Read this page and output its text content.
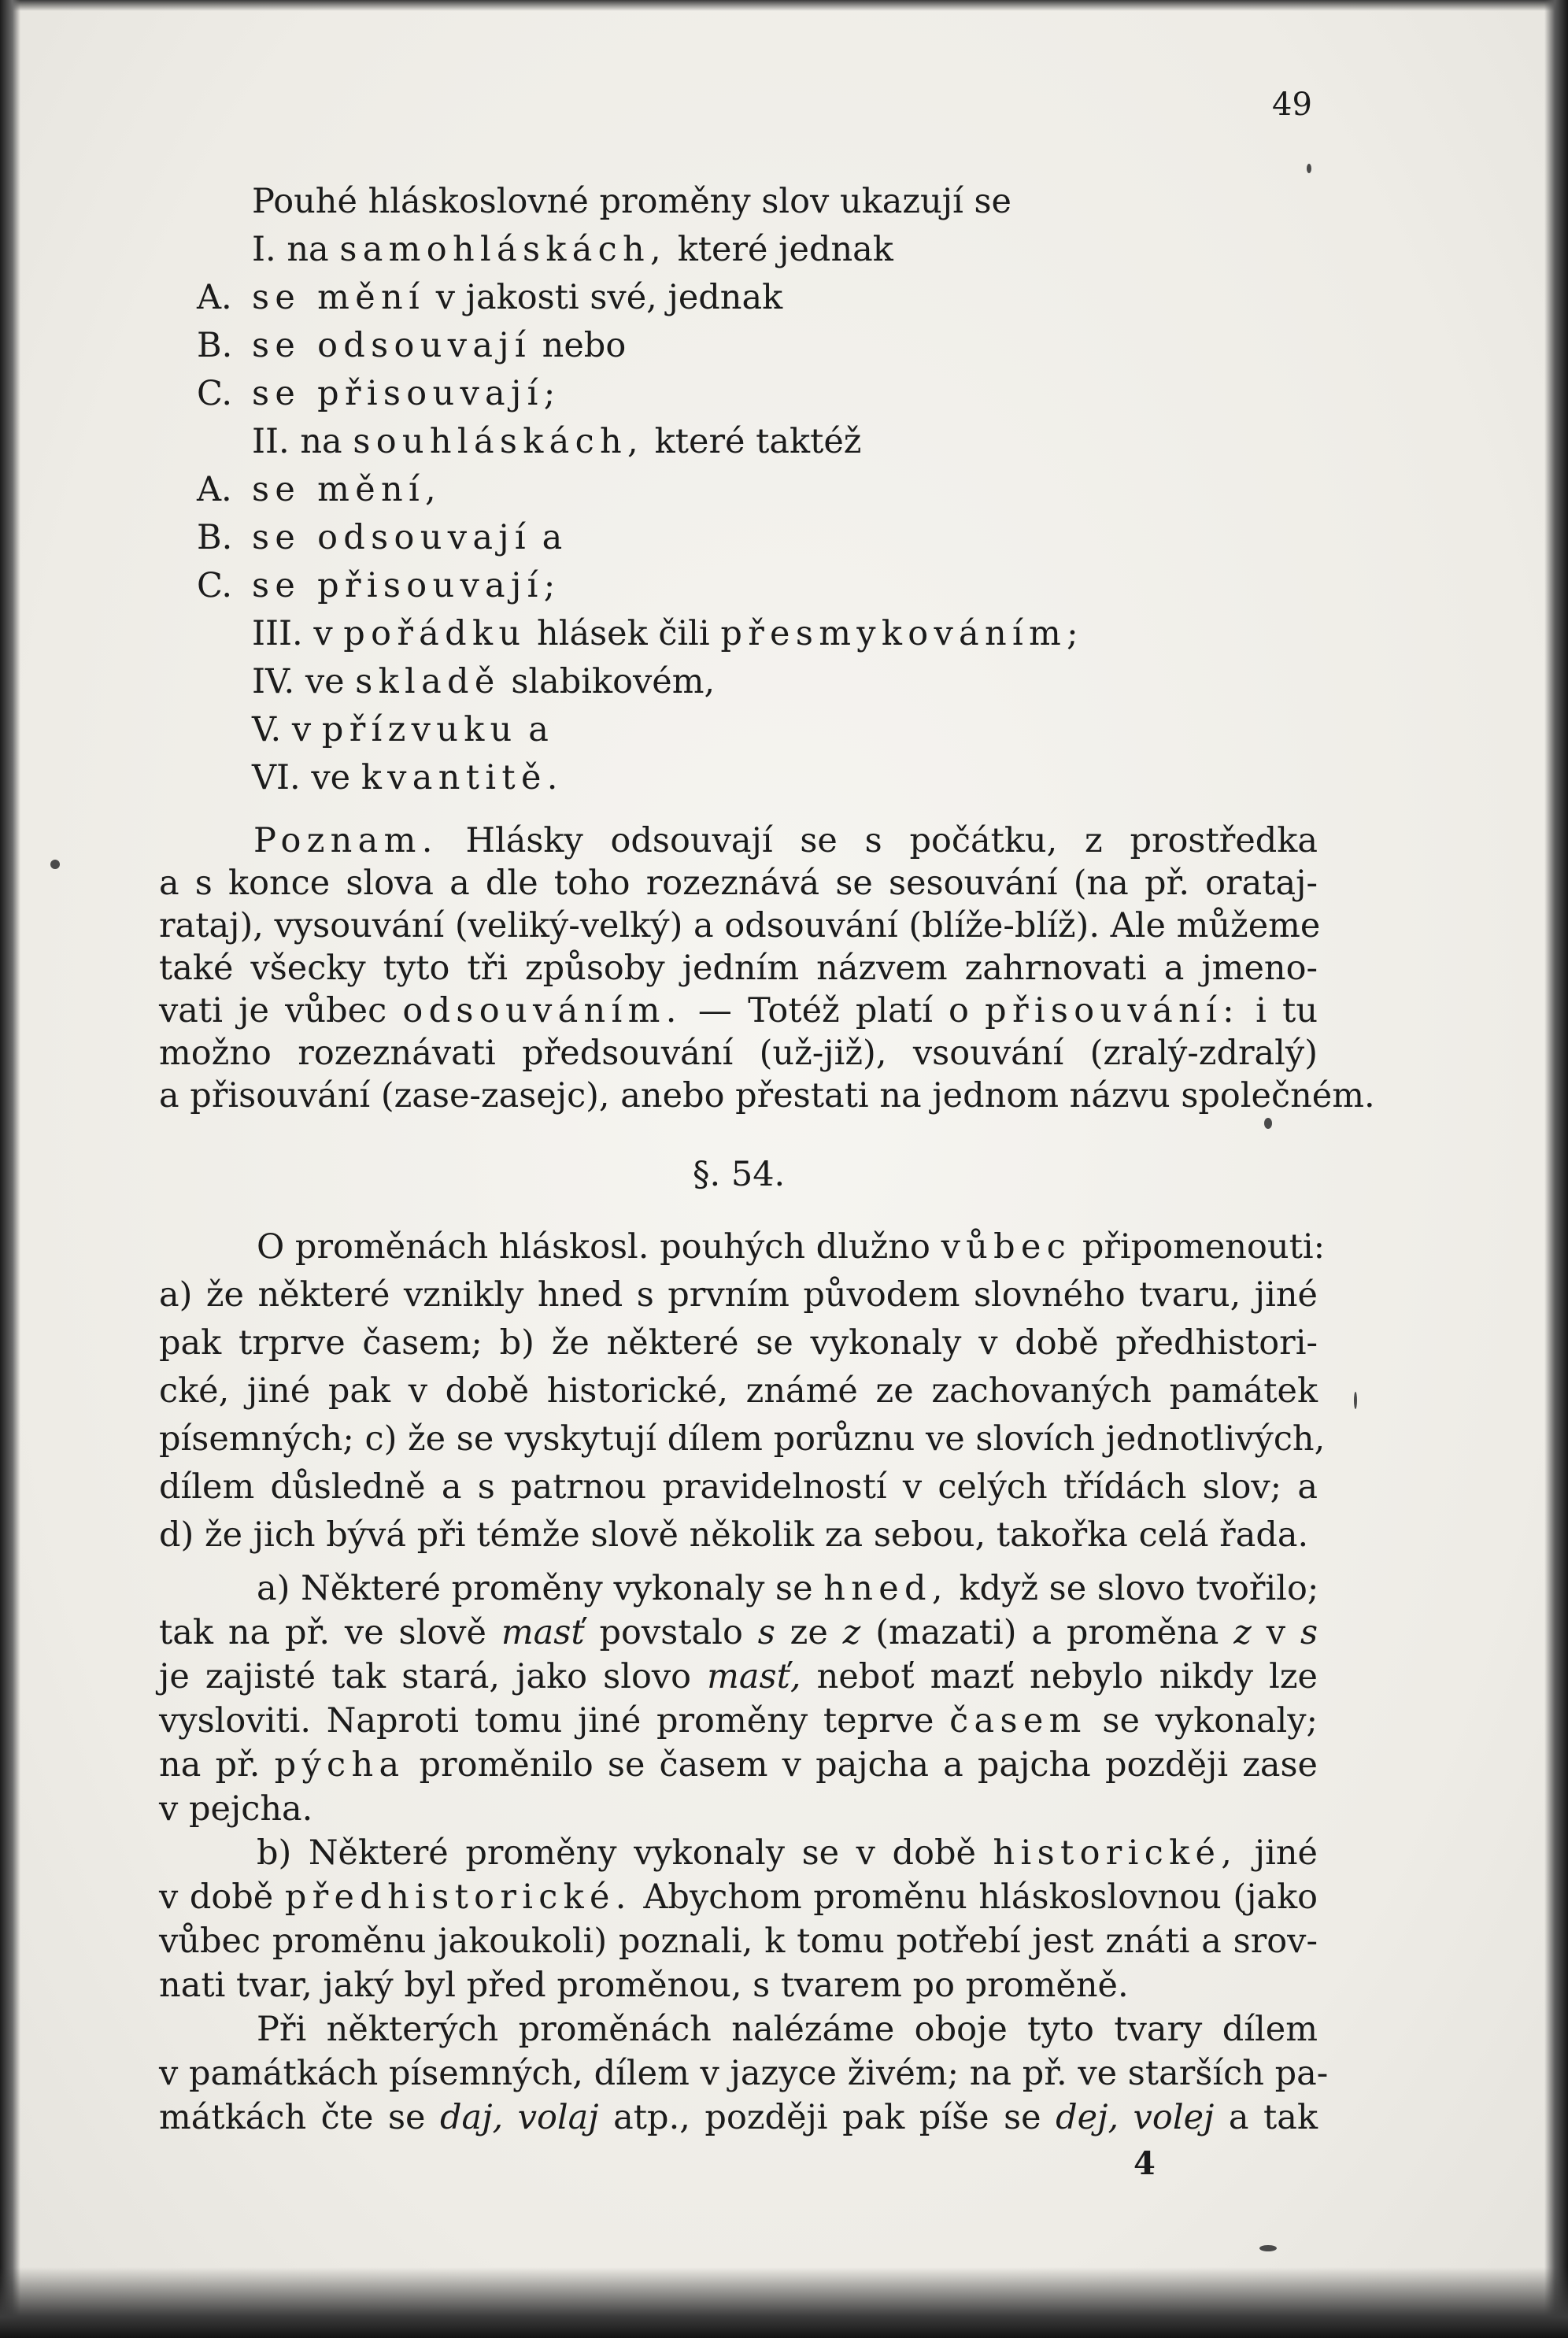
49
Pouhé hláskoslovné proměny slov ukazují se
I. na samohláskách, které jednak
A. se mění v jakosti své, jednak
B. se odsouvají nebo
C. se přisouvají;
II. na souhláskách, které taktéž
A. se mění,
B. se odsouvají a
C. se přisouvají;
III. v pořádku hlásek čili přesmykováním;
IV. ve skladě slabikovém,
V. v přízvuku a
VI. ve kvantitě.
Poznam. Hlásky odsouvají se s počátku, z prostředka
a s konce slova a dle toho rozeznává se sesouvání (na př. orataj-
rataj), vysouvání (veliký-velký) a odsouvání (blíže-blíž). Ale můžeme
také všecky tyto tři způsoby jedním názvem zahrnovati a jmeno-
vati je vůbec odsouváním. — Totéž platí o přisouvání: i tu
možno rozeznávati předsouvání (už-již), vsouvání (zralý-zdralý)
a přisouvání (zase-zasejc), anebo přestati na jednom názvu společném.
§. 54.
O proměnách hláskosl. pouhých dlužno vůbec připomenouti:
a) že některé vznikly hned s prvním původem slovného tvaru, jiné
pak trprve časem; b) že některé se vykonaly v době předhistori-
cké, jiné pak v době historické, známé ze zachovaných památek
písemných; c) že se vyskytují dílem porůznu ve slovích jednotlivých,
dílem důsledně a s patrnou pravidelností v celých třídách slov; a
d) že jich bývá při témže slově několik za sebou, takořka celá řada.
a) Některé proměny vykonaly se hned, když se slovo tvořilo;
tak na př. ve slově masť povstalo s ze z (mazati) a proměna z v s
je zajisté tak stará, jako slovo masť, neboť mazť nebylo nikdy lze
vysloviti. Naproti tomu jiné proměny teprve časem se vykonaly;
na př. pýcha proměnilo se časem v pajcha a pajcha později zase
v pejcha.
b) Některé proměny vykonaly se v době historické, jiné
v době předhistorické. Abychom proměnu hláskoslovnou (jako
vůbec proměnu jakoukoli) poznali, k tomu potřebí jest znáti a srov-
nati tvar, jaký byl před proměnou, s tvarem po proměně.
Při některých proměnách nalézáme oboje tyto tvary dílem
v památkách písemných, dílem v jazyce živém; na př. ve starších pa-
mátkách čte se daj, volaj atp., později pak píše se dej, volej a tak
4
